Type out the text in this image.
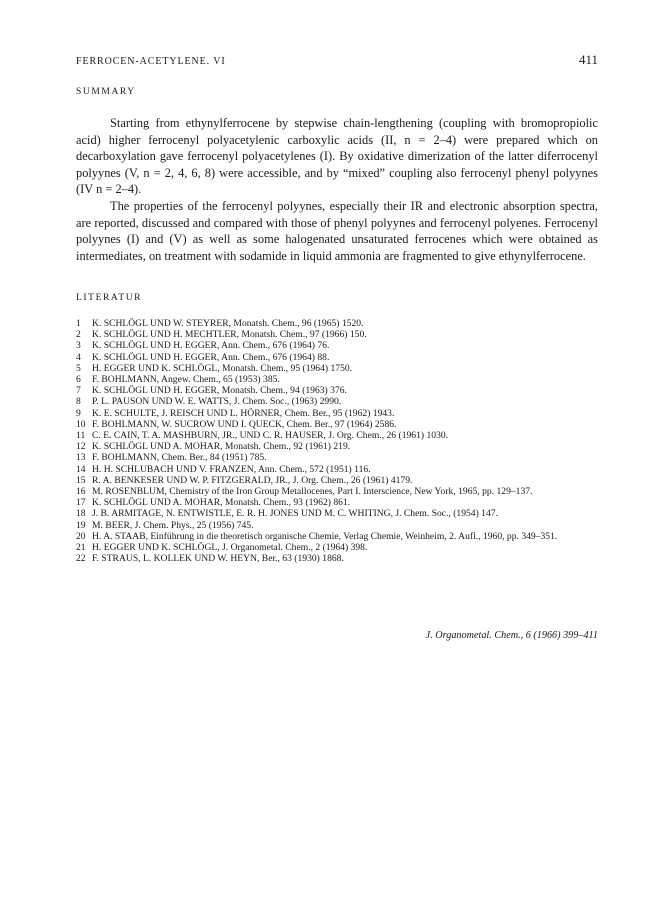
FERROCEN-ACETYLENE. VI	411
SUMMARY

Starting from ethynylferrocene by stepwise chain-lengthening (coupling with bromopropiolic acid) higher ferrocenyl polyacetylenic carboxylic acids (II, n = 2–4) were prepared which on decarboxylation gave ferrocenyl polyacetylenes (I). By oxidative dimerization of the latter diferrocenyl polyynes (V, n = 2, 4, 6, 8) were accessible, and by “mixed” coupling also ferrocenyl phenyl polyynes (IV n = 2–4).

The properties of the ferrocenyl polyynes, especially their IR and electronic absorption spectra, are reported, discussed and compared with those of phenyl polyynes and ferrocenyl polyenes. Ferrocenyl polyynes (I) and (V) as well as some halogenated unsaturated ferrocenes which were obtained as intermediates, on treatment with sodamide in liquid ammonia are fragmented to give ethynylferrocene.

LITERATUR
1	K. SCHLÖGL UND W. STEYRER, Monatsh. Chem., 96 (1965) 1520.
2	K. SCHLÖGL UND H. MECHTLER, Monatsh. Chem., 97 (1966) 150.
3	K. SCHLÖGL UND H. EGGER, Ann. Chem., 676 (1964) 76.
4	K. SCHLÖGL UND H. EGGER, Ann. Chem., 676 (1964) 88.
5	H. EGGER UND K. SCHLÖGL, Monatsh. Chem., 95 (1964) 1750.
6	F. BOHLMANN, Angew. Chem., 65 (1953) 385.
7	K. SCHLÖGL UND H. EGGER, Monatsh. Chem., 94 (1963) 376.
8	P. L. PAUSON UND W. E. WATTS, J. Chem. Soc., (1963) 2990.
9	K. E. SCHULTE, J. REISCH UND L. HÖRNER, Chem. Ber., 95 (1962) 1943.
10 F. BOHLMANN, W. SUCROW UND I. QUECK, Chem. Ber., 97 (1964) 2586.
11 C. E. CAIN, T. A. MASHBURN, JR., UND C. R. HAUSER, J. Org. Chem., 26 (1961) 1030.
12 K. SCHLÖGL UND A. MOHAR, Monatsh. Chem., 92 (1961) 219.
13 F. BOHLMANN, Chem. Ber., 84 (1951) 785.
14 H. H. SCHLUBACH UND V. FRANZEN, Ann. Chem., 572 (1951) 116.
15 R. A. BENKESER UND W. P. FITZGERALD, JR., J. Org. Chem., 26 (1961) 4179.
16 M. ROSENBLUM, Chemistry of the Iron Group Metallocenes, Part I. Interscience, New York, 1965, pp. 129–137.
17 K. SCHLÖGL UND A. MOHAR, Monatsh. Chem., 93 (1962) 861.
18 J. B. ARMITAGE, N. ENTWISTLE, E. R. H. JONES UND M. C. WHITING, J. Chem. Soc., (1954) 147.
19 M. BEER, J. Chem. Phys., 25 (1956) 745.
20 H. A. STAAB, Einführung in die theoretisch organische Chemie, Verlag Chemie, Weinheim, 2. Aufl., 1960, pp. 349–351.
21 H. EGGER UND K. SCHLÖGL, J. Organometal. Chem., 2 (1964) 398.
22 F. STRAUS, L. KOLLEK UND W. HEYN, Ber., 63 (1930) 1868.
J. Organometal. Chem., 6 (1966) 399–411
